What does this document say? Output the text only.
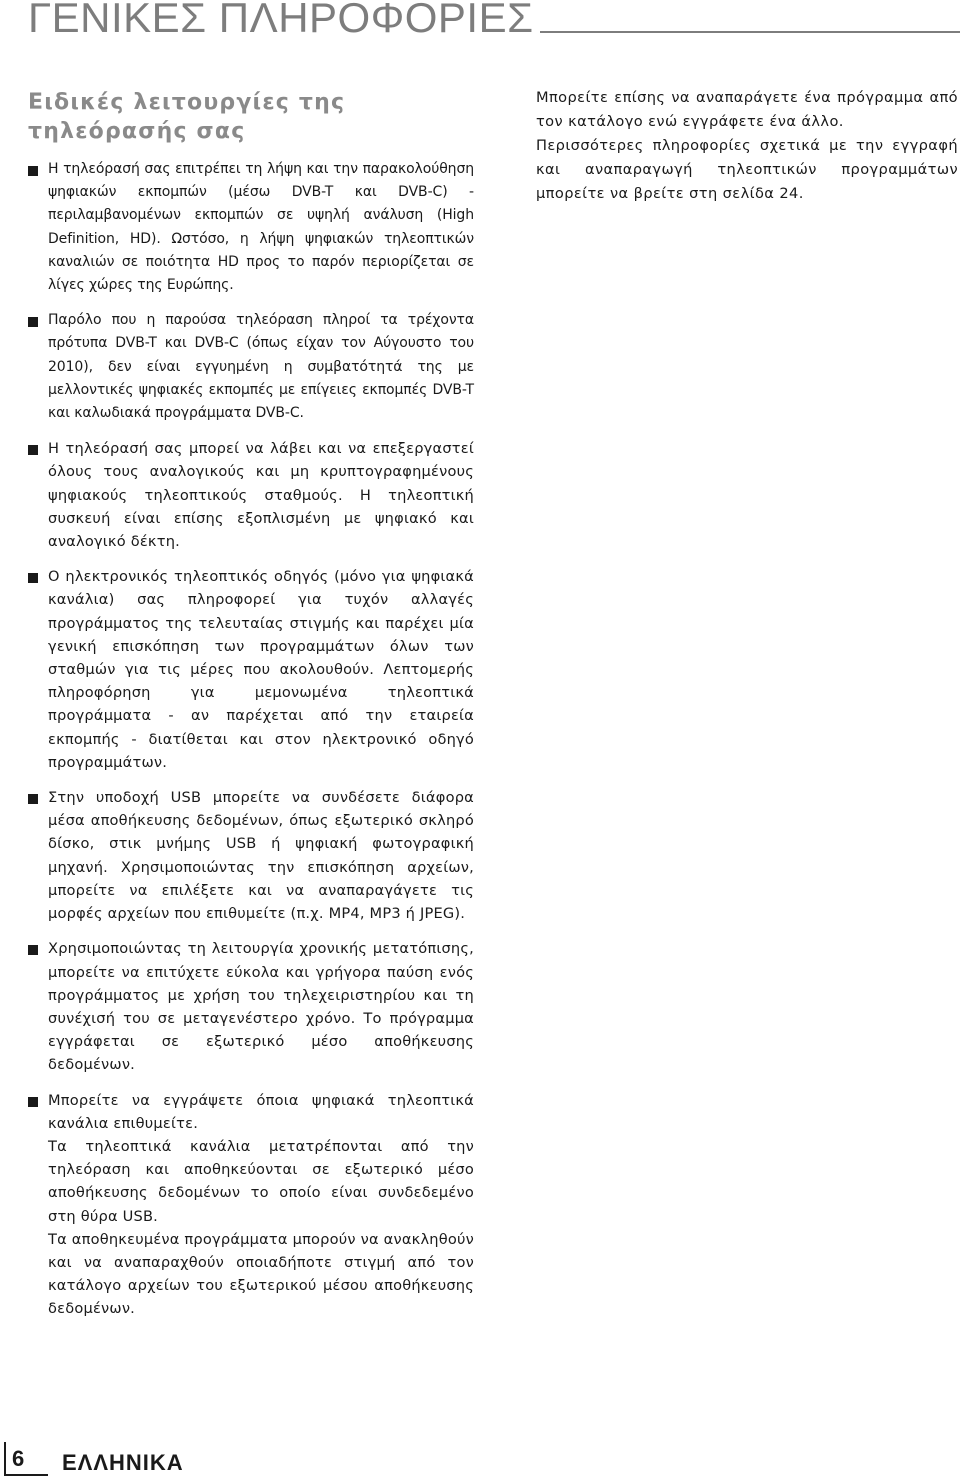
ΓΕΝΙΚΕΣ ΠΛΗΡΟΦΟΡΙΕΣ
Ειδικές λειτουργίες της τηλεόρασής σας

Η τηλεόρασή σας επιτρέπει τη λήψη και την παρακολούθηση ψηφιακών εκπομπών (μέσω DVB-T και DVB-C) - περιλαμβανομένων εκπομπών σε υψηλή ανάλυση (High Definition, HD). Ωστόσο, η λήψη ψηφιακών τηλεοπτικών καναλιών σε ποιότητα HD προς το παρόν περιορίζεται σε λίγες χώρες της Ευρώπης.

Παρόλο που η παρούσα τηλεόραση πληροί τα τρέχοντα πρότυπα DVB-T και DVB-C (όπως είχαν τον Αύγουστο του 2010), δεν είναι εγγυημένη η συμβατότητά της με μελλοντικές ψηφιακές εκπομπές με επίγειες εκπομπές DVB-T και καλωδιακά προγράμματα DVB-C.

Η τηλεόρασή σας μπορεί να λάβει και να επεξεργαστεί όλους τους αναλογικούς και μη κρυπτογραφημένους ψηφιακούς τηλεοπτικούς σταθμούς. Η τηλεοπτική συσκευή είναι επίσης εξοπλισμένη με ψηφιακό και αναλογικό δέκτη.

Ο ηλεκτρονικός τηλεοπτικός οδηγός (μόνο για ψηφιακά κανάλια) σας πληροφορεί για τυχόν αλλαγές προγράμματος της τελευταίας στιγμής και παρέχει μία γενική επισκόπηση των προγραμμάτων όλων των σταθμών για τις μέρες που ακολουθούν. Λεπτομερής πληροφόρηση για μεμονωμένα τηλεοπτικά προγράμματα - αν παρέχεται από την εταιρεία εκπομπής - διατίθεται και στον ηλεκτρονικό οδηγό προγραμμάτων.

Στην υποδοχή USB μπορείτε να συνδέσετε διάφορα μέσα αποθήκευσης δεδομένων, όπως εξωτερικό σκληρό δίσκο, στικ μνήμης USB ή ψηφιακή φωτογραφική μηχανή. Χρησιμοποιώντας την επισκόπηση αρχείων, μπορείτε να επιλέξετε και να αναπαραγάγετε τις μορφές αρχείων που επιθυμείτε (π.χ. MP4, MP3 ή JPEG).

Χρησιμοποιώντας τη λειτουργία χρονικής μετατόπισης, μπορείτε να επιτύχετε εύκολα και γρήγορα παύση ενός προγράμματος με χρήση του τηλεχειριστηρίου και τη συνέχισή του σε μεταγενέστερο χρόνο. Το πρόγραμμα εγγράφεται σε εξωτερικό μέσο αποθήκευσης δεδομένων.

Μπορείτε να εγγράψετε όποια ψηφιακά τηλεοπτικά κανάλια επιθυμείτε.

Τα τηλεοπτικά κανάλια μετατρέπονται από την τηλεόραση και αποθηκεύονται σε εξωτερικό μέσο αποθήκευσης δεδομένων το οποίο είναι συνδεδεμένο στη θύρα USB.

Τα αποθηκευμένα προγράμματα μπορούν να ανακληθούν και να αναπαραχθούν οποιαδήποτε στιγμή από τον κατάλογο αρχείων του εξωτερικού μέσου αποθήκευσης δεδομένων.

Μπορείτε επίσης να αναπαράγετε ένα πρόγραμμα από τον κατάλογο ενώ εγγράφετε ένα άλλο.

Περισσότερες πληροφορίες σχετικά με την εγγραφή και αναπαραγωγή τηλεοπτικών προγραμμάτων μπορείτε να βρείτε στη σελίδα 24.

6 ΕΛΛΗΝΙΚΑ
